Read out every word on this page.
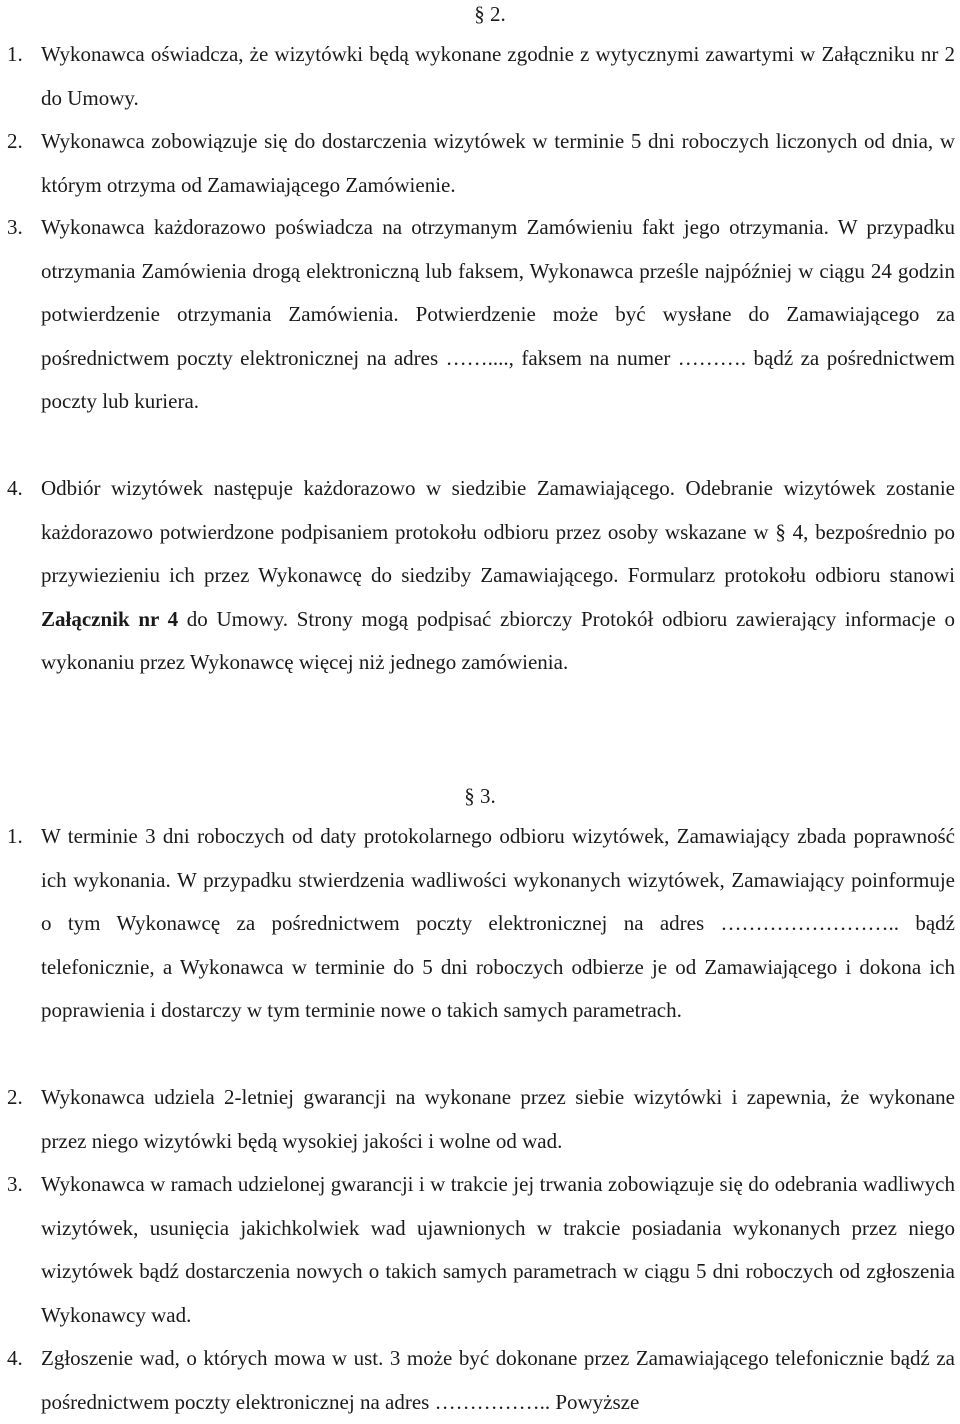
§ 2.
1. Wykonawca oświadcza, że wizytówki będą wykonane zgodnie z wytycznymi zawartymi w Załączniku nr 2 do Umowy.
2. Wykonawca zobowiązuje się do dostarczenia wizytówek w terminie 5 dni roboczych liczonych od dnia, w którym otrzyma od Zamawiającego Zamówienie.
3. Wykonawca każdorazowo poświadcza na otrzymanym Zamówieniu fakt jego otrzymania. W przypadku otrzymania Zamówienia drogą elektroniczną lub faksem, Wykonawca prześle najpóźniej w ciągu 24 godzin potwierdzenie otrzymania Zamówienia. Potwierdzenie może być wysłane do Zamawiającego za pośrednictwem poczty elektronicznej na adres ……...., faksem na numer ………. bądź za pośrednictwem poczty lub kuriera.
4. Odbiór wizytówek następuje każdorazowo w siedzibie Zamawiającego. Odebranie wizytówek zostanie każdorazowo potwierdzone podpisaniem protokołu odbioru przez osoby wskazane w § 4, bezpośrednio po przywiezieniu ich przez Wykonawcę do siedziby Zamawiającego. Formularz protokołu odbioru stanowi Załącznik nr 4 do Umowy. Strony mogą podpisać zbiorczy Protokół odbioru zawierający informacje o wykonaniu przez Wykonawcę więcej niż jednego zamówienia.
§ 3.
1. W terminie 3 dni roboczych od daty protokolarnego odbioru wizytówek, Zamawiający zbada poprawność ich wykonania. W przypadku stwierdzenia wadliwości wykonanych wizytówek, Zamawiający poinformuje o tym Wykonawcę za pośrednictwem poczty elektronicznej na adres …………………….. bądź telefonicznie, a Wykonawca w terminie do 5 dni roboczych odbierze je od Zamawiającego i dokona ich poprawienia i dostarczy w tym terminie nowe o takich samych parametrach.
2. Wykonawca udziela 2-letniej gwarancji na wykonane przez siebie wizytówki i zapewnia, że wykonane przez niego wizytówki będą wysokiej jakości i wolne od wad.
3. Wykonawca w ramach udzielonej gwarancji i w trakcie jej trwania zobowiązuje się do odebrania wadliwych wizytówek, usunięcia jakichkolwiek wad ujawnionych w trakcie posiadania wykonanych przez niego wizytówek bądź dostarczenia nowych o takich samych parametrach w ciągu 5 dni roboczych od zgłoszenia Wykonawcy wad.
4. Zgłoszenie wad, o których mowa w ust. 3 może być dokonane przez Zamawiającego telefonicznie bądź za pośrednictwem poczty elektronicznej na adres …………….. Powyższe
